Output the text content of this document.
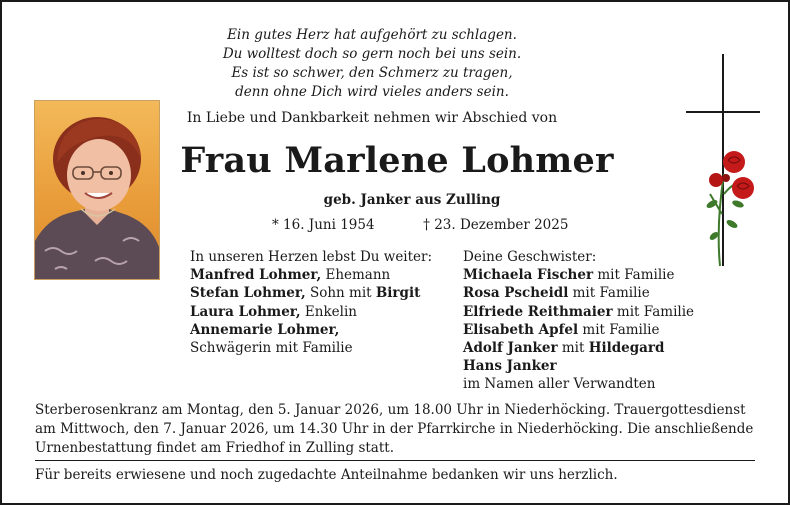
Ein gutes Herz hat aufgehört zu schlagen.
Du wolltest doch so gern noch bei uns sein.
Es ist so schwer, den Schmerz zu tragen,
denn ohne Dich wird vieles anders sein.
In Liebe und Dankbarkeit nehmen wir Abschied von
Frau Marlene Lohmer
geb. Janker aus Zulling
* 16. Juni 1954	† 23. Dezember 2025
In unseren Herzen lebst Du weiter:
Manfred Lohmer, Ehemann
Stefan Lohmer, Sohn mit Birgit
Laura Lohmer, Enkelin
Annemarie Lohmer,
Schwägerin mit Familie
Deine Geschwister:
Michaela Fischer mit Familie
Rosa Pscheidl mit Familie
Elfriede Reithmaier mit Familie
Elisabeth Apfel mit Familie
Adolf Janker mit Hildegard
Hans Janker
im Namen aller Verwandten
Sterberosenkranz am Montag, den 5. Januar 2026, um 18.00 Uhr in Niederhöcking. Trauergottesdienst
am Mittwoch, den 7. Januar 2026, um 14.30 Uhr in der Pfarrkirche in Niederhöcking. Die anschließende
Urnenbestattung findet am Friedhof in Zulling statt.
Für bereits erwiesene und noch zugedachte Anteilnahme bedanken wir uns herzlich.
